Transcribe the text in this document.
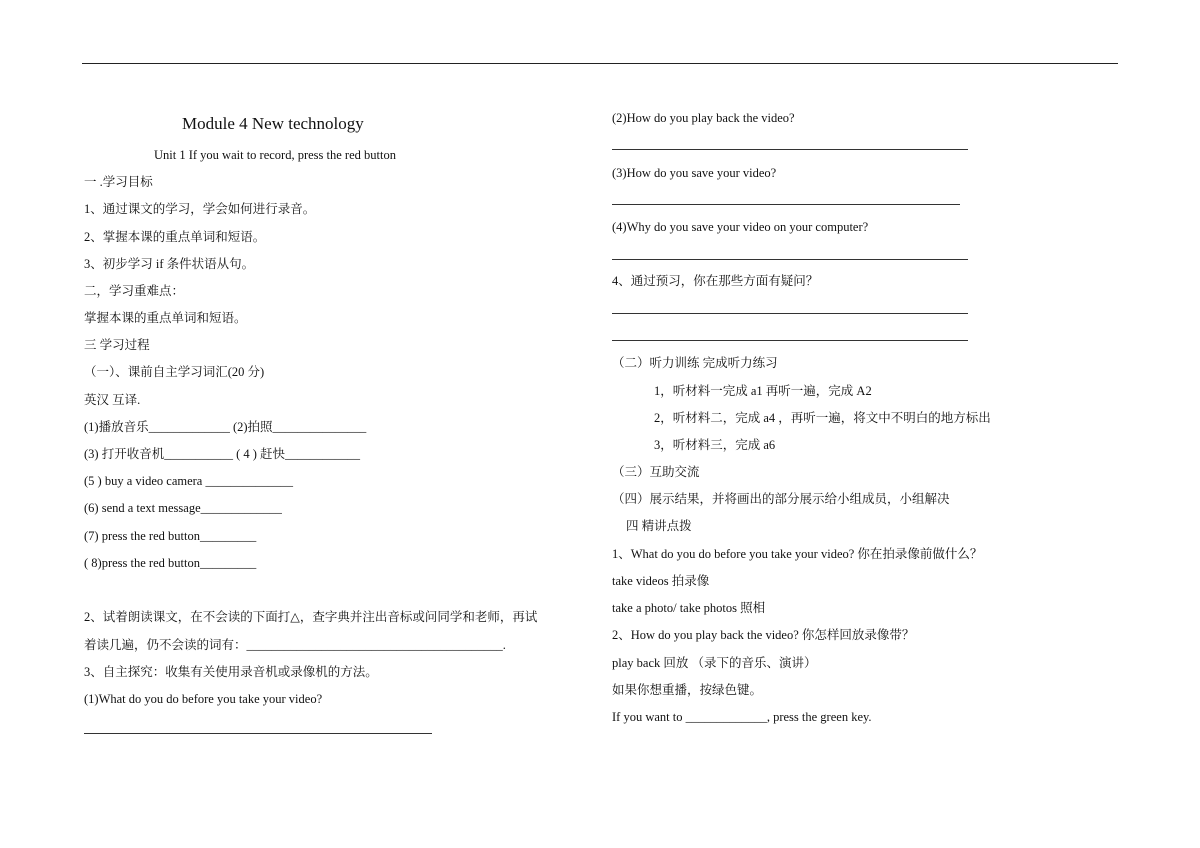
Module 4 New technology
Unit 1 If you wait to record, press the red button
一 .学习目标
1、通过课文的学习，学会如何进行录音。
2、掌握本课的重点单词和短语。
3、初步学习 if 条件状语从句。
二，学习重难点：
掌握本课的重点单词和短语。
三 学习过程
（一）、课前自主学习词汇(20 分)
英汉 互译.
(1)播放音乐_____________ (2)拍照_______________
(3) 打开收音机___________ ( 4 ) 赶快____________
(5 ) buy a video camera ______________
(6) send a text message_____________
(7) press the red button_________
( 8)press the red button_________
2、试着朗读课文，在不会读的下面打△，查字典并注出音标或问同学和老师，再试
着读几遍，仍不会读的词有：_________________________________________.
3、自主探究：收集有关使用录音机或录像机的方法。
(1)What do you do before you take your video?
(2)How do you play back the video?
(3)How do you save your video?
(4)Why do you save your video on your computer?
4、通过预习，你在那些方面有疑问？
（二）听力训练 完成听力练习
1，听材料一完成 a1 再听一遍，完成 A2
2，听材料二，完成 a4 ，再听一遍，将文中不明白的地方标出
3，听材料三，完成 a6
（三）互助交流
（四）展示结果，并将画出的部分展示给小组成员，小组解决
四 精讲点拨
1、What do you do before you take your video? 你在拍录像前做什么？
take videos 拍录像
take a photo/ take photos 照相
2、How do you play back the video? 你怎样回放录像带？
play back 回放 （录下的音乐、演讲）
如果你想重播，按绿色键。
If you want to _____________, press the green key.
